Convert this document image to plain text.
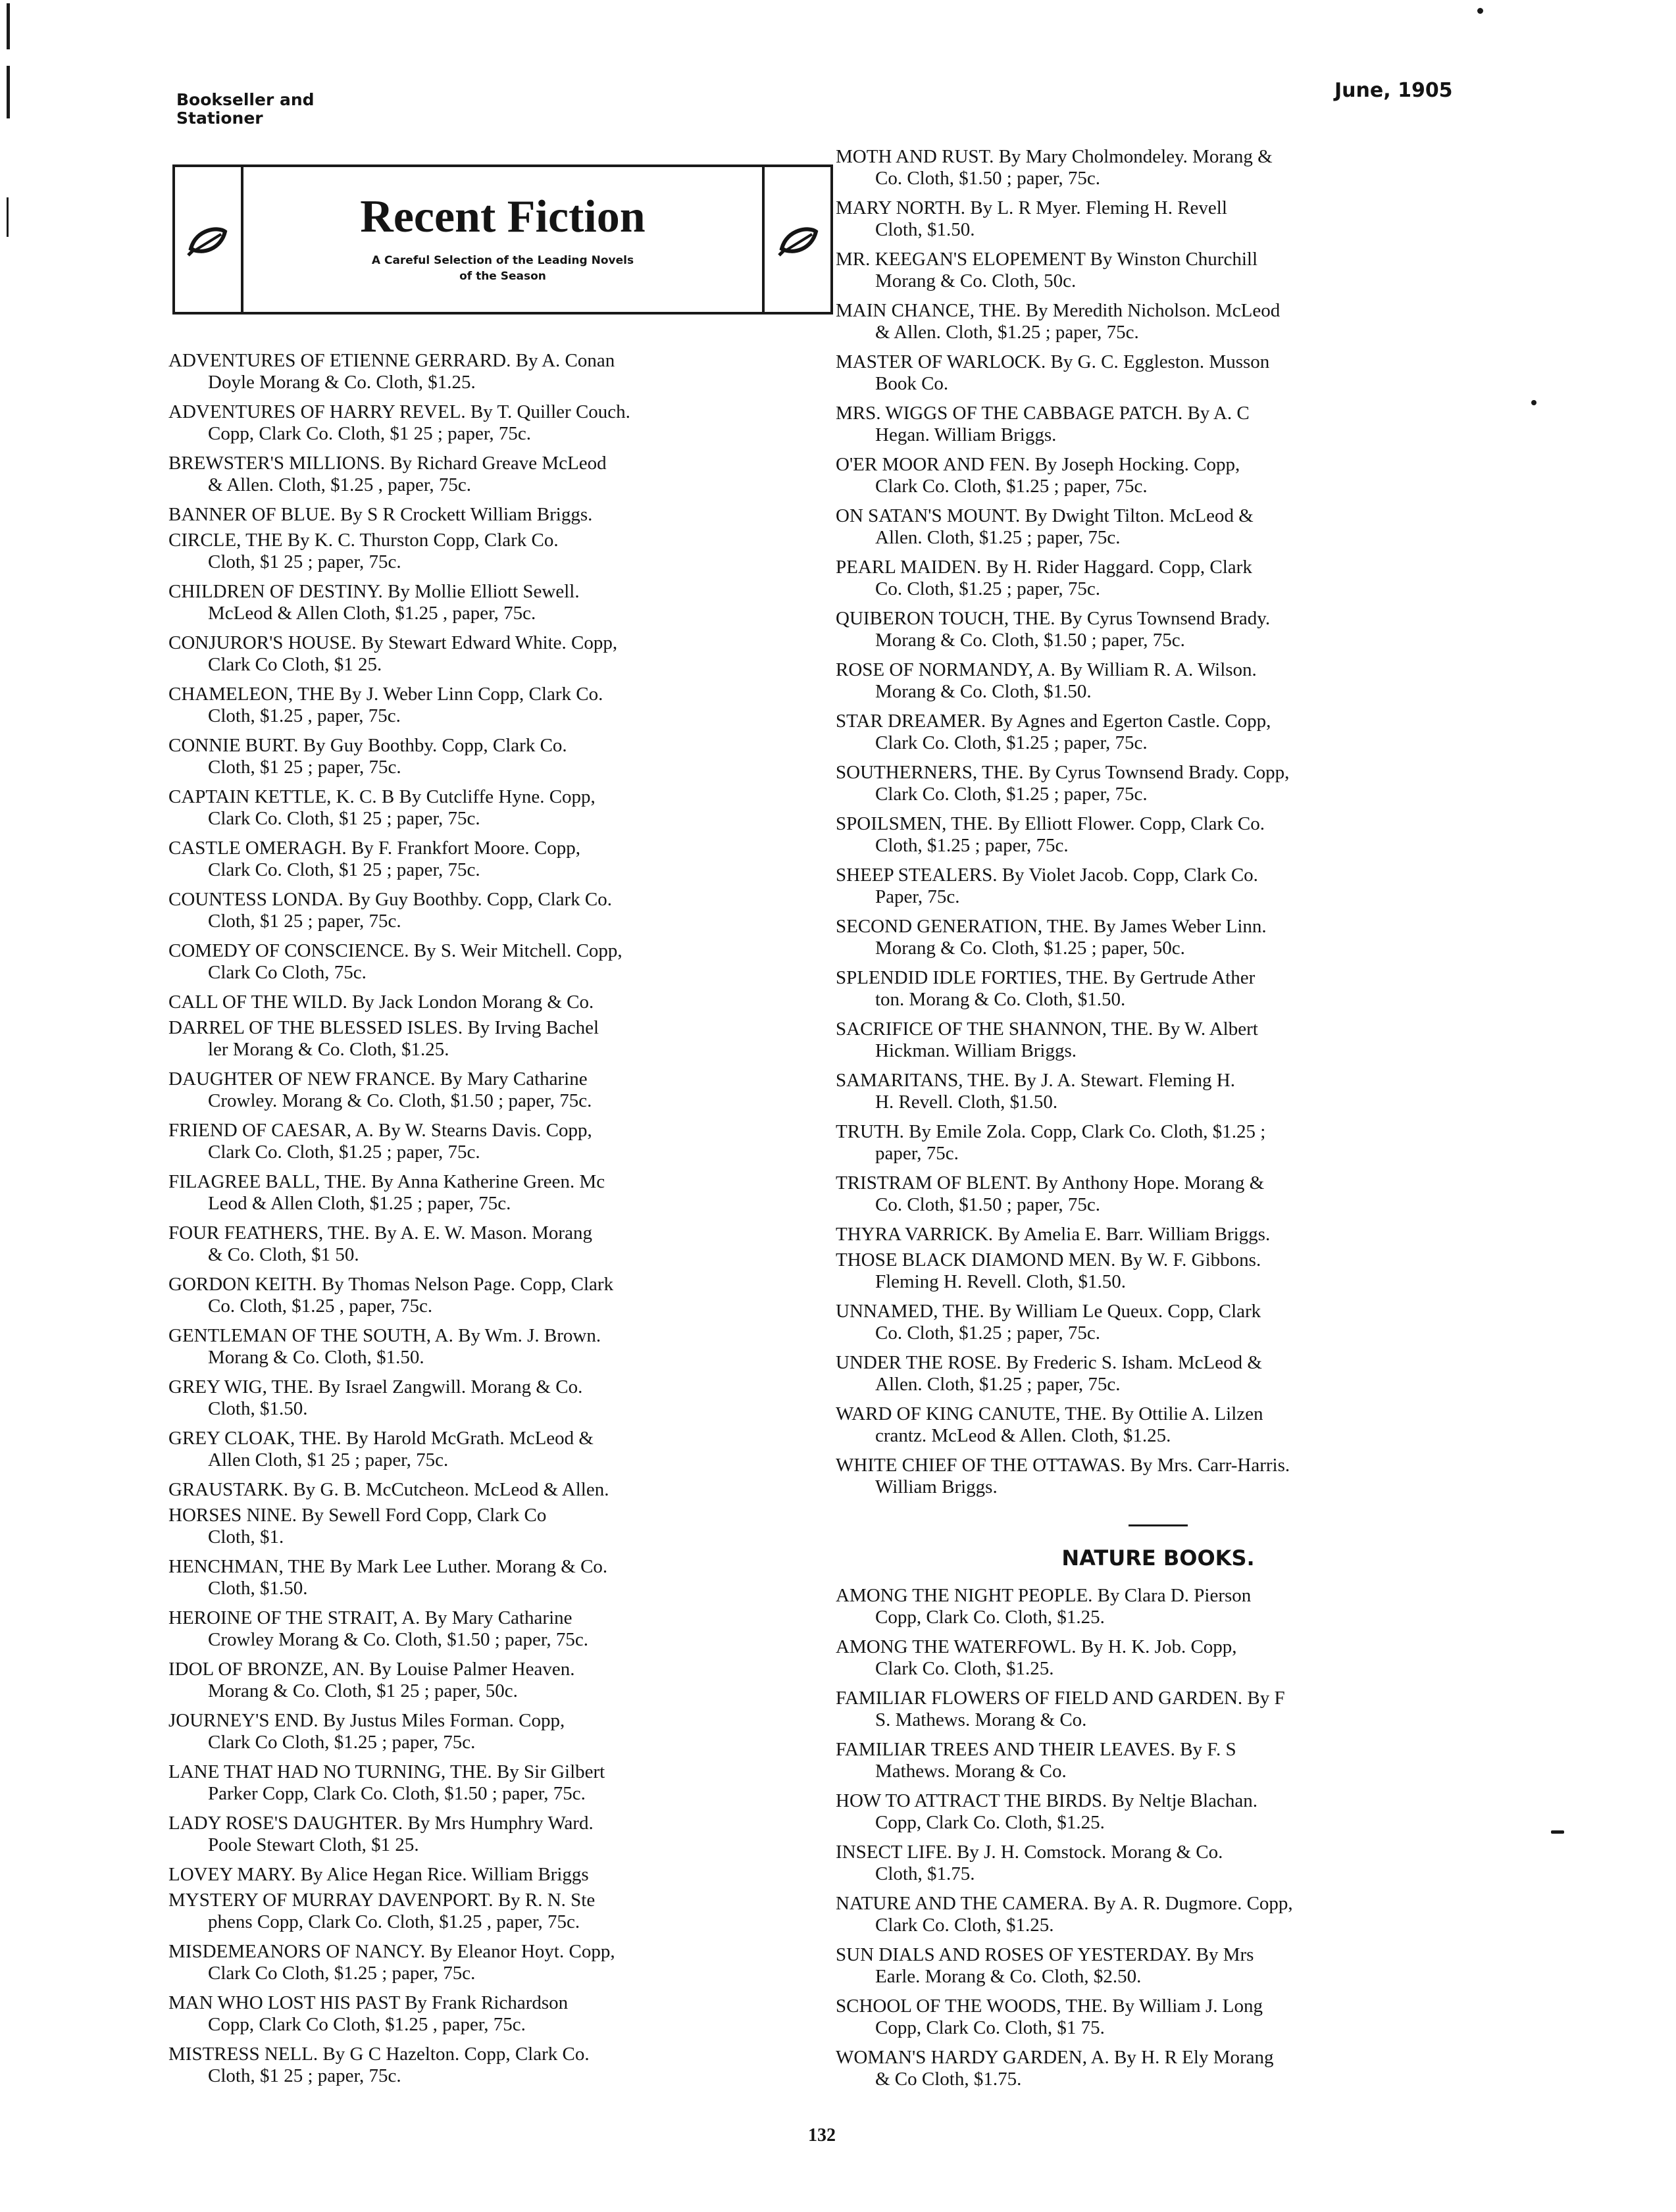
Bookseller and
Stationer
June, 1905
Recent Fiction
A Careful Selection of the Leading Novels
of the Season
ADVENTURES OF ETIENNE GERRARD. By A. Conan
Doyle Morang & Co. Cloth, $1.25.
ADVENTURES OF HARRY REVEL. By T. Quiller Couch.
Copp, Clark Co. Cloth, $1 25 ; paper, 75c.
BREWSTER'S MILLIONS. By Richard Greave McLeod
& Allen. Cloth, $1.25 , paper, 75c.
BANNER OF BLUE. By S R Crockett William Briggs.
CIRCLE, THE By K. C. Thurston Copp, Clark Co.
Cloth, $1 25 ; paper, 75c.
CHILDREN OF DESTINY. By Mollie Elliott Sewell.
McLeod & Allen Cloth, $1.25 , paper, 75c.
CONJUROR'S HOUSE. By Stewart Edward White. Copp,
Clark Co Cloth, $1 25.
CHAMELEON, THE By J. Weber Linn Copp, Clark Co.
Cloth, $1.25 , paper, 75c.
CONNIE BURT. By Guy Boothby. Copp, Clark Co.
Cloth, $1 25 ; paper, 75c.
CAPTAIN KETTLE, K. C. B By Cutcliffe Hyne. Copp,
Clark Co. Cloth, $1 25 ; paper, 75c.
CASTLE OMERAGH. By F. Frankfort Moore. Copp,
Clark Co. Cloth, $1 25 ; paper, 75c.
COUNTESS LONDA. By Guy Boothby. Copp, Clark Co.
Cloth, $1 25 ; paper, 75c.
COMEDY OF CONSCIENCE. By S. Weir Mitchell. Copp,
Clark Co Cloth, 75c.
CALL OF THE WILD. By Jack London Morang & Co.
DARREL OF THE BLESSED ISLES. By Irving Bachel
ler Morang & Co. Cloth, $1.25.
DAUGHTER OF NEW FRANCE. By Mary Catharine
Crowley. Morang & Co. Cloth, $1.50 ; paper, 75c.
FRIEND OF CAESAR, A. By W. Stearns Davis. Copp,
Clark Co. Cloth, $1.25 ; paper, 75c.
FILAGREE BALL, THE. By Anna Katherine Green. Mc
Leod & Allen Cloth, $1.25 ; paper, 75c.
FOUR FEATHERS, THE. By A. E. W. Mason. Morang
& Co. Cloth, $1 50.
GORDON KEITH. By Thomas Nelson Page. Copp, Clark
Co. Cloth, $1.25 , paper, 75c.
GENTLEMAN OF THE SOUTH, A. By Wm. J. Brown.
Morang & Co. Cloth, $1.50.
GREY WIG, THE. By Israel Zangwill. Morang & Co.
Cloth, $1.50.
GREY CLOAK, THE. By Harold McGrath. McLeod &
Allen Cloth, $1 25 ; paper, 75c.
GRAUSTARK. By G. B. McCutcheon. McLeod & Allen.
HORSES NINE. By Sewell Ford Copp, Clark Co
Cloth, $1.
HENCHMAN, THE By Mark Lee Luther. Morang & Co.
Cloth, $1.50.
HEROINE OF THE STRAIT, A. By Mary Catharine
Crowley Morang & Co. Cloth, $1.50 ; paper, 75c.
IDOL OF BRONZE, AN. By Louise Palmer Heaven.
Morang & Co. Cloth, $1 25 ; paper, 50c.
JOURNEY'S END. By Justus Miles Forman. Copp,
Clark Co Cloth, $1.25 ; paper, 75c.
LANE THAT HAD NO TURNING, THE. By Sir Gilbert
Parker Copp, Clark Co. Cloth, $1.50 ; paper, 75c.
LADY ROSE'S DAUGHTER. By Mrs Humphry Ward.
Poole Stewart Cloth, $1 25.
LOVEY MARY. By Alice Hegan Rice. William Briggs
MYSTERY OF MURRAY DAVENPORT. By R. N. Ste
phens Copp, Clark Co. Cloth, $1.25 , paper, 75c.
MISDEMEANORS OF NANCY. By Eleanor Hoyt. Copp,
Clark Co Cloth, $1.25 ; paper, 75c.
MAN WHO LOST HIS PAST By Frank Richardson
Copp, Clark Co Cloth, $1.25 , paper, 75c.
MISTRESS NELL. By G C Hazelton. Copp, Clark Co.
Cloth, $1 25 ; paper, 75c.
MOTH AND RUST. By Mary Cholmondeley. Morang &
Co. Cloth, $1.50 ; paper, 75c.
MARY NORTH. By L. R Myer. Fleming H. Revell
Cloth, $1.50.
MR. KEEGAN'S ELOPEMENT By Winston Churchill
Morang & Co. Cloth, 50c.
MAIN CHANCE, THE. By Meredith Nicholson. McLeod
& Allen. Cloth, $1.25 ; paper, 75c.
MASTER OF WARLOCK. By G. C. Eggleston. Musson
Book Co.
MRS. WIGGS OF THE CABBAGE PATCH. By A. C
Hegan. William Briggs.
O'ER MOOR AND FEN. By Joseph Hocking. Copp,
Clark Co. Cloth, $1.25 ; paper, 75c.
ON SATAN'S MOUNT. By Dwight Tilton. McLeod &
Allen. Cloth, $1.25 ; paper, 75c.
PEARL MAIDEN. By H. Rider Haggard. Copp, Clark
Co. Cloth, $1.25 ; paper, 75c.
QUIBERON TOUCH, THE. By Cyrus Townsend Brady.
Morang & Co. Cloth, $1.50 ; paper, 75c.
ROSE OF NORMANDY, A. By William R. A. Wilson.
Morang & Co. Cloth, $1.50.
STAR DREAMER. By Agnes and Egerton Castle. Copp,
Clark Co. Cloth, $1.25 ; paper, 75c.
SOUTHERNERS, THE. By Cyrus Townsend Brady. Copp,
Clark Co. Cloth, $1.25 ; paper, 75c.
SPOILSMEN, THE. By Elliott Flower. Copp, Clark Co.
Cloth, $1.25 ; paper, 75c.
SHEEP STEALERS. By Violet Jacob. Copp, Clark Co.
Paper, 75c.
SECOND GENERATION, THE. By James Weber Linn.
Morang & Co. Cloth, $1.25 ; paper, 50c.
SPLENDID IDLE FORTIES, THE. By Gertrude Ather
ton. Morang & Co. Cloth, $1.50.
SACRIFICE OF THE SHANNON, THE. By W. Albert
Hickman. William Briggs.
SAMARITANS, THE. By J. A. Stewart. Fleming H.
H. Revell. Cloth, $1.50.
TRUTH. By Emile Zola. Copp, Clark Co. Cloth, $1.25 ;
paper, 75c.
TRISTRAM OF BLENT. By Anthony Hope. Morang &
Co. Cloth, $1.50 ; paper, 75c.
THYRA VARRICK. By Amelia E. Barr. William Briggs.
THOSE BLACK DIAMOND MEN. By W. F. Gibbons.
Fleming H. Revell. Cloth, $1.50.
UNNAMED, THE. By William Le Queux. Copp, Clark
Co. Cloth, $1.25 ; paper, 75c.
UNDER THE ROSE. By Frederic S. Isham. McLeod &
Allen. Cloth, $1.25 ; paper, 75c.
WARD OF KING CANUTE, THE. By Ottilie A. Lilzen
crantz. McLeod & Allen. Cloth, $1.25.
WHITE CHIEF OF THE OTTAWAS. By Mrs. Carr-Harris.
William Briggs.
NATURE BOOKS.
AMONG THE NIGHT PEOPLE. By Clara D. Pierson
Copp, Clark Co. Cloth, $1.25.
AMONG THE WATERFOWL. By H. K. Job. Copp,
Clark Co. Cloth, $1.25.
FAMILIAR FLOWERS OF FIELD AND GARDEN. By F
S. Mathews. Morang & Co.
FAMILIAR TREES AND THEIR LEAVES. By F. S
Mathews. Morang & Co.
HOW TO ATTRACT THE BIRDS. By Neltje Blachan.
Copp, Clark Co. Cloth, $1.25.
INSECT LIFE. By J. H. Comstock. Morang & Co.
Cloth, $1.75.
NATURE AND THE CAMERA. By A. R. Dugmore. Copp,
Clark Co. Cloth, $1.25.
SUN DIALS AND ROSES OF YESTERDAY. By Mrs
Earle. Morang & Co. Cloth, $2.50.
SCHOOL OF THE WOODS, THE. By William J. Long
Copp, Clark Co. Cloth, $1 75.
WOMAN'S HARDY GARDEN, A. By H. R Ely Morang
& Co Cloth, $1.75.
132
